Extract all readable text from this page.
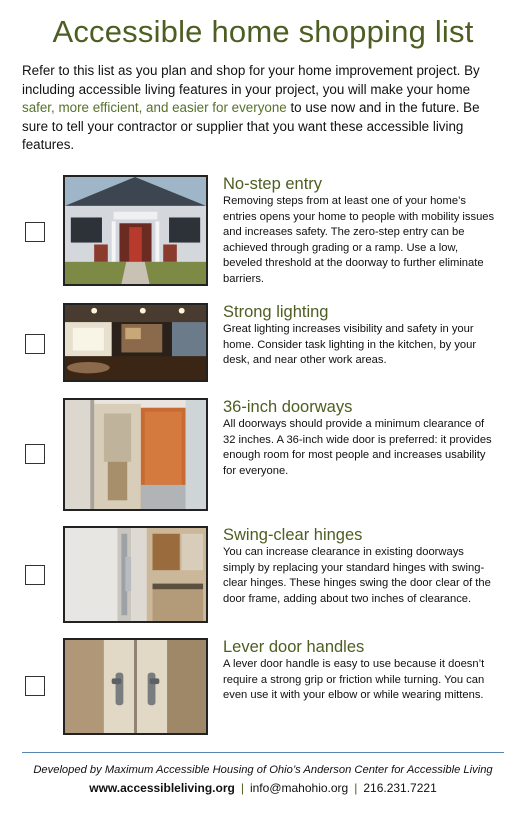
Accessible home shopping list

Refer to this list as you plan and shop for your home improvement project. By including accessible living features in your project, you will make your home safer, more efficient, and easier for everyone to use now and in the future. Be sure to tell your contractor or supplier that you want these accessible living features.

No-step entry

Removing steps from at least one of your home’s entries opens your home to people with mobility issues and increases safety. The zero-step entry can be achieved through grading or a ramp. Use a low, beveled threshold at the doorway to further eliminate barriers.

Strong lighting

Great lighting increases visibility and safety in your home. Consider task lighting in the kitchen, by your desk, and near other work areas.

36-inch doorways

All doorways should provide a minimum clearance of 32 inches. A 36-inch wide door is preferred: it provides enough room for most people and increases usability for everyone.

Swing-clear hinges

You can increase clearance in existing doorways simply by replacing your standard hinges with swing-clear hinges. These hinges swing the door clear of the door frame, adding about two inches of clearance.

Lever door handles

A lever door handle is easy to use because it doesn’t require a strong grip or friction while turning. You can even use it with your elbow or while wearing mittens.

Developed by Maximum Accessible Housing of Ohio’s Anderson Center for Accessible Living
www.accessibleliving.org | info@mahohio.org | 216.231.7221
